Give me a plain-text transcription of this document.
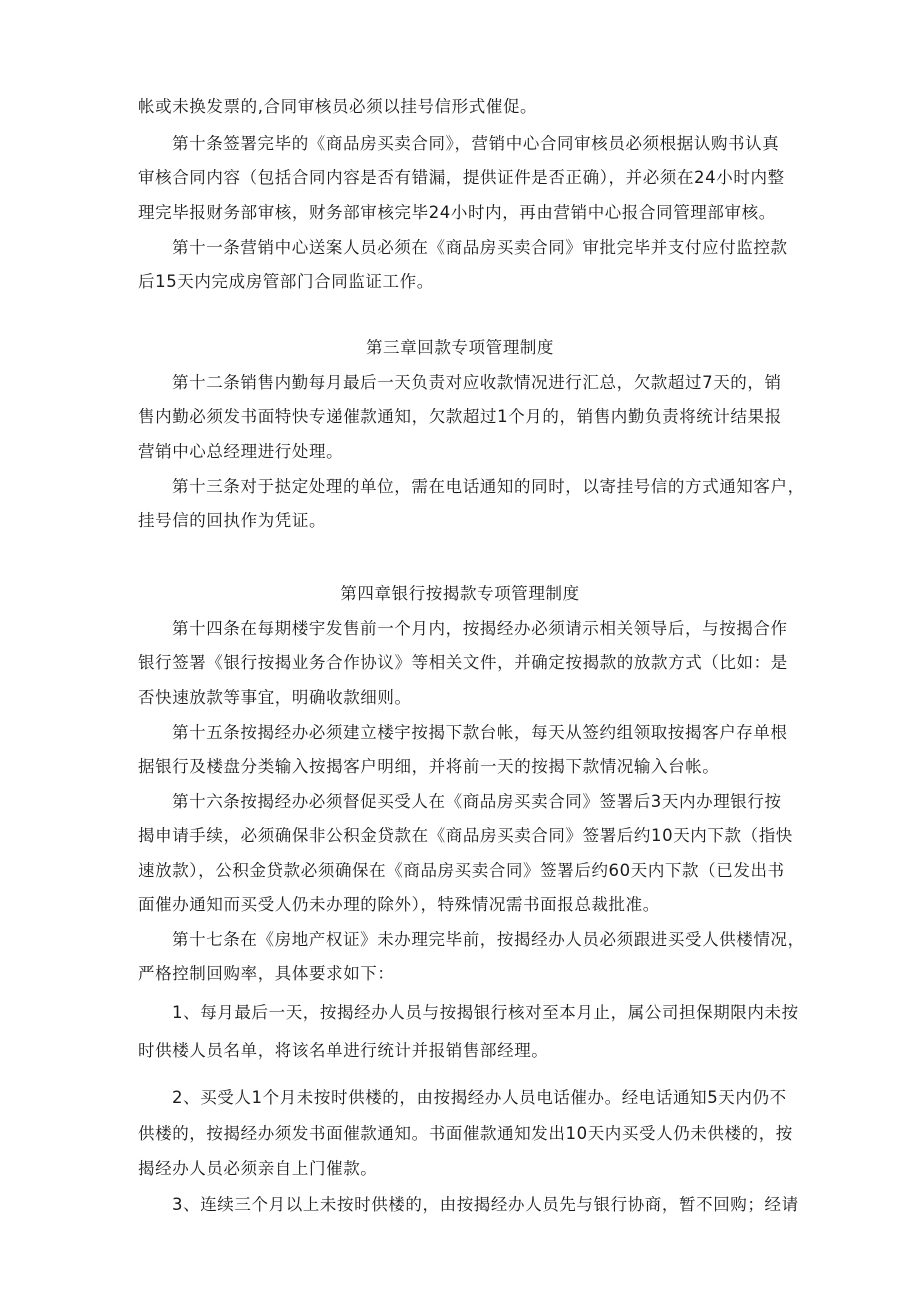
帐或未换发票的,合同审核员必须以挂号信形式催促。
第十条签署完毕的《商品房买卖合同》，营销中心合同审核员必须根据认购书认真
审核合同内容（包括合同内容是否有错漏，提供证件是否正确），并必须在24小时内整
理完毕报财务部审核，财务部审核完毕24小时内，再由营销中心报合同管理部审核。
第十一条营销中心送案人员必须在《商品房买卖合同》审批完毕并支付应付监控款
后15天内完成房管部门合同监证工作。
第三章回款专项管理制度
第十二条销售内勤每月最后一天负责对应收款情况进行汇总，欠款超过7天的，销
售内勤必须发书面特快专递催款通知，欠款超过1个月的，销售内勤负责将统计结果报
营销中心总经理进行处理。
第十三条对于挞定处理的单位，需在电话通知的同时，以寄挂号信的方式通知客户，
挂号信的回执作为凭证。
第四章银行按揭款专项管理制度
第十四条在每期楼宇发售前一个月内，按揭经办必须请示相关领导后，与按揭合作
银行签署《银行按揭业务合作协议》等相关文件，并确定按揭款的放款方式（比如：是
否快速放款等事宜，明确收款细则。
第十五条按揭经办必须建立楼宇按揭下款台帐，每天从签约组领取按揭客户存单根
据银行及楼盘分类输入按揭客户明细，并将前一天的按揭下款情况输入台帐。
第十六条按揭经办必须督促买受人在《商品房买卖合同》签署后3天内办理银行按
揭申请手续，必须确保非公积金贷款在《商品房买卖合同》签署后约10天内下款（指快
速放款），公积金贷款必须确保在《商品房买卖合同》签署后约60天内下款（已发出书
面催办通知而买受人仍未办理的除外），特殊情况需书面报总裁批准。
第十七条在《房地产权证》未办理完毕前，按揭经办人员必须跟进买受人供楼情况，
严格控制回购率，具体要求如下：
1、每月最后一天，按揭经办人员与按揭银行核对至本月止，属公司担保期限内未按
时供楼人员名单，将该名单进行统计并报销售部经理。
2、买受人1个月未按时供楼的，由按揭经办人员电话催办。经电话通知5天内仍不
供楼的，按揭经办须发书面催款通知。书面催款通知发出10天内买受人仍未供楼的，按
揭经办人员必须亲自上门催款。
3、连续三个月以上未按时供楼的，由按揭经办人员先与银行协商，暂不回购；经请
